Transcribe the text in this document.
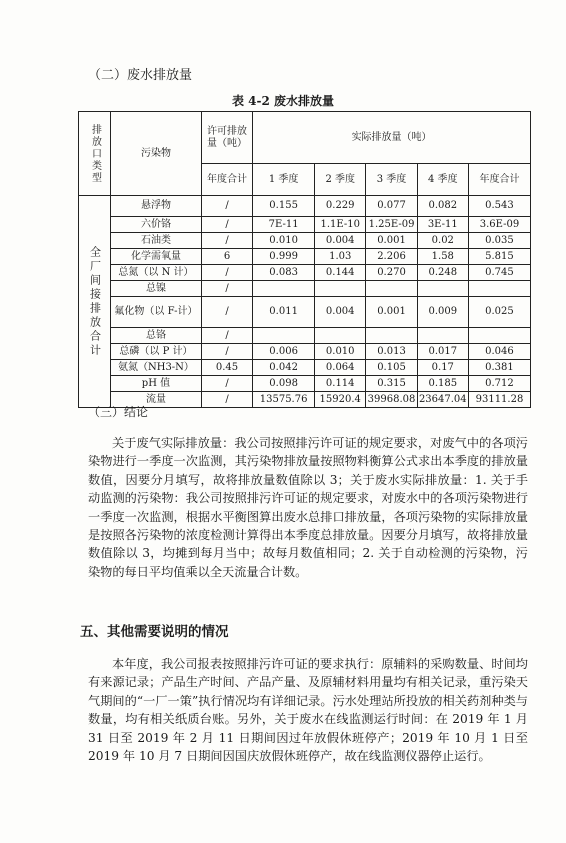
（二）废水排放量
表 4-2 废水排放量
排放口类型	污染物	许可排放量（吨）	实际排放量（吨）				
		年度合计	1 季度	2 季度	3 季度	4 季度	年度合计
全厂间接排放合计	悬浮物	/	0.155	0.229	0.077	0.082	0.543
	六价铬	/	7E-11	1.1E-10	1.25E-09	3E-11	3.6E-09
	石油类	/	0.010	0.004	0.001	0.02	0.035
	化学需氧量	6	0.999	1.03	2.206	1.58	5.815
	总氮（以 N 计）	/	0.083	0.144	0.270	0.248	0.745
	总镍	/					
	氟化物（以 F-计）	/	0.011	0.004	0.001	0.009	0.025
	总铬	/					
	总磷（以 P 计）	/	0.006	0.010	0.013	0.017	0.046
	氨氮（NH3-N）	0.45	0.042	0.064	0.105	0.17	0.381
	pH 值	/	0.098	0.114	0.315	0.185	0.712
	流量	/	13575.76	15920.4	39968.08	23647.04	93111.28
（三）结论

关于废气实际排放量：我公司按照排污许可证的规定要求，对废气中的各项污染物进行一季度一次监测，其污染物排放量按照物料衡算公式求出本季度的排放量数值，因要分月填写，故将排放量数值除以 3；关于废水实际排放量：1. 关于手动监测的污染物：我公司按照排污许可证的规定要求，对废水中的各项污染物进行一季度一次监测，根据水平衡图算出废水总排口排放量，各项污染物的实际排放量是按照各污染物的浓度检测计算得出本季度总排放量。因要分月填写，故将排放量数值除以 3，均摊到每月当中；故每月数值相同；2. 关于自动检测的污染物，污染物的每日平均值乘以全天流量合计数。

五、其他需要说明的情况

本年度，我公司报表按照排污许可证的要求执行：原辅料的采购数量、时间均有来源记录；产品生产时间、产品产量、及原辅材料用量均有相关记录，重污染天气期间的“一厂一策”执行情况均有详细记录。污水处理站所投放的相关药剂种类与数量，均有相关纸质台账。另外，关于废水在线监测运行时间：在 2019 年 1 月 31 日至 2019 年 2 月 11 日期间因过年放假休班停产；2019 年 10 月 1 日至 2019 年 10 月 7 日期间因国庆放假休班停产，故在线监测仪器停止运行。
